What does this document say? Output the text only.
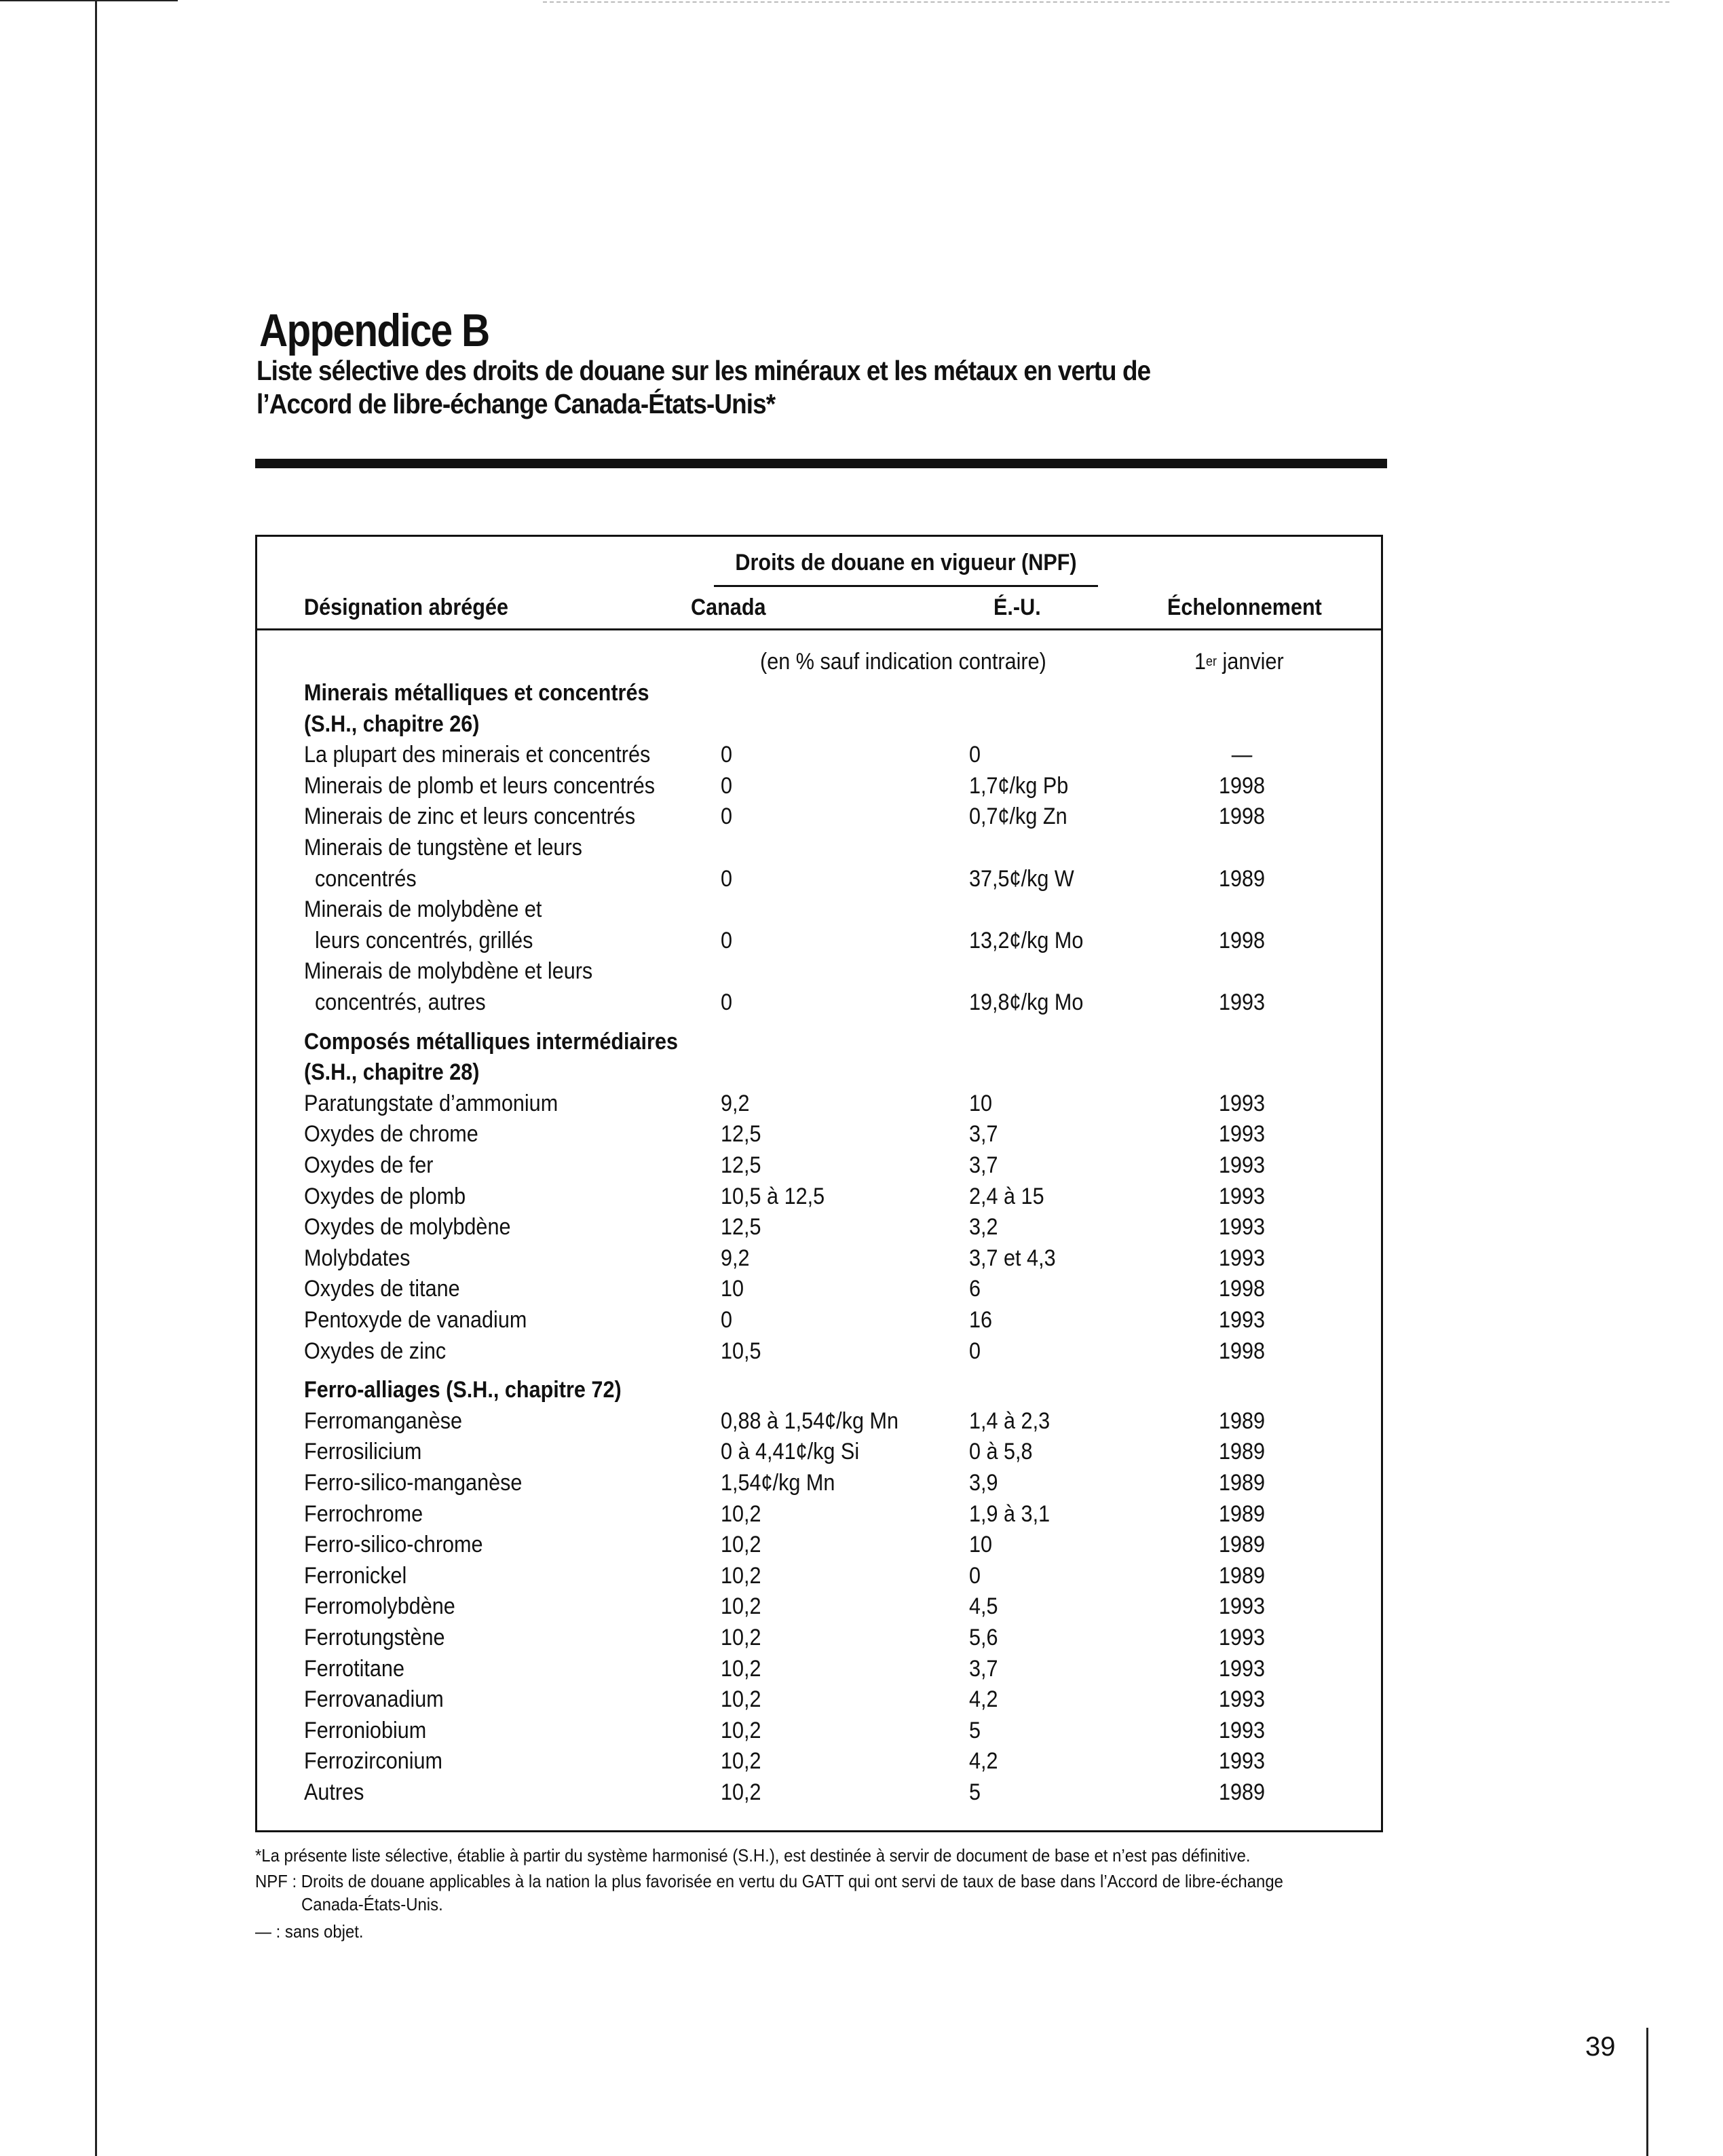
Appendice B
Liste sélective des droits de douane sur les minéraux et les métaux en vertu de l’Accord de libre-échange Canada-États-Unis*
Droits de douane en vigueur (NPF)
Désignation abrégée	Canada	É.-U.	Échelonnement
(en % sauf indication contraire)	1er janvier
Minerais métalliques et concentrés
(S.H., chapitre 26)
La plupart des minerais et concentrés	0	0	—
Minerais de plomb et leurs concentrés	0	1,7¢/kg Pb	1998
Minerais de zinc et leurs concentrés	0	0,7¢/kg Zn	1998
Minerais de tungstène et leurs
concentrés	0	37,5¢/kg W	1989
Minerais de molybdène et
leurs concentrés, grillés	0	13,2¢/kg Mo	1998
Minerais de molybdène et leurs
concentrés, autres	0	19,8¢/kg Mo	1993
Composés métalliques intermédiaires
(S.H., chapitre 28)
Paratungstate d’ammonium	9,2	10	1993
Oxydes de chrome	12,5	3,7	1993
Oxydes de fer	12,5	3,7	1993
Oxydes de plomb	10,5 à 12,5	2,4 à 15	1993
Oxydes de molybdène	12,5	3,2	1993
Molybdates	9,2	3,7 et 4,3	1993
Oxydes de titane	10	6	1998
Pentoxyde de vanadium	0	16	1993
Oxydes de zinc	10,5	0	1998
Ferro-alliages (S.H., chapitre 72)
Ferromanganèse	0,88 à 1,54¢/kg Mn	1,4 à 2,3	1989
Ferrosilicium	0 à 4,41¢/kg Si	0 à 5,8	1989
Ferro-silico-manganèse	1,54¢/kg Mn	3,9	1989
Ferrochrome	10,2	1,9 à 3,1	1989
Ferro-silico-chrome	10,2	10	1989
Ferronickel	10,2	0	1989
Ferromolybdène	10,2	4,5	1993
Ferrotungstène	10,2	5,6	1993
Ferrotitane	10,2	3,7	1993
Ferrovanadium	10,2	4,2	1993
Ferroniobium	10,2	5	1993
Ferrozirconium	10,2	4,2	1993
Autres	10,2	5	1989
*La présente liste sélective, établie à partir du système harmonisé (S.H.), est destinée à servir de document de base et n’est pas définitive.
NPF : Droits de douane applicables à la nation la plus favorisée en vertu du GATT qui ont servi de taux de base dans l’Accord de libre-échange
Canada-États-Unis.
— : sans objet.
39
